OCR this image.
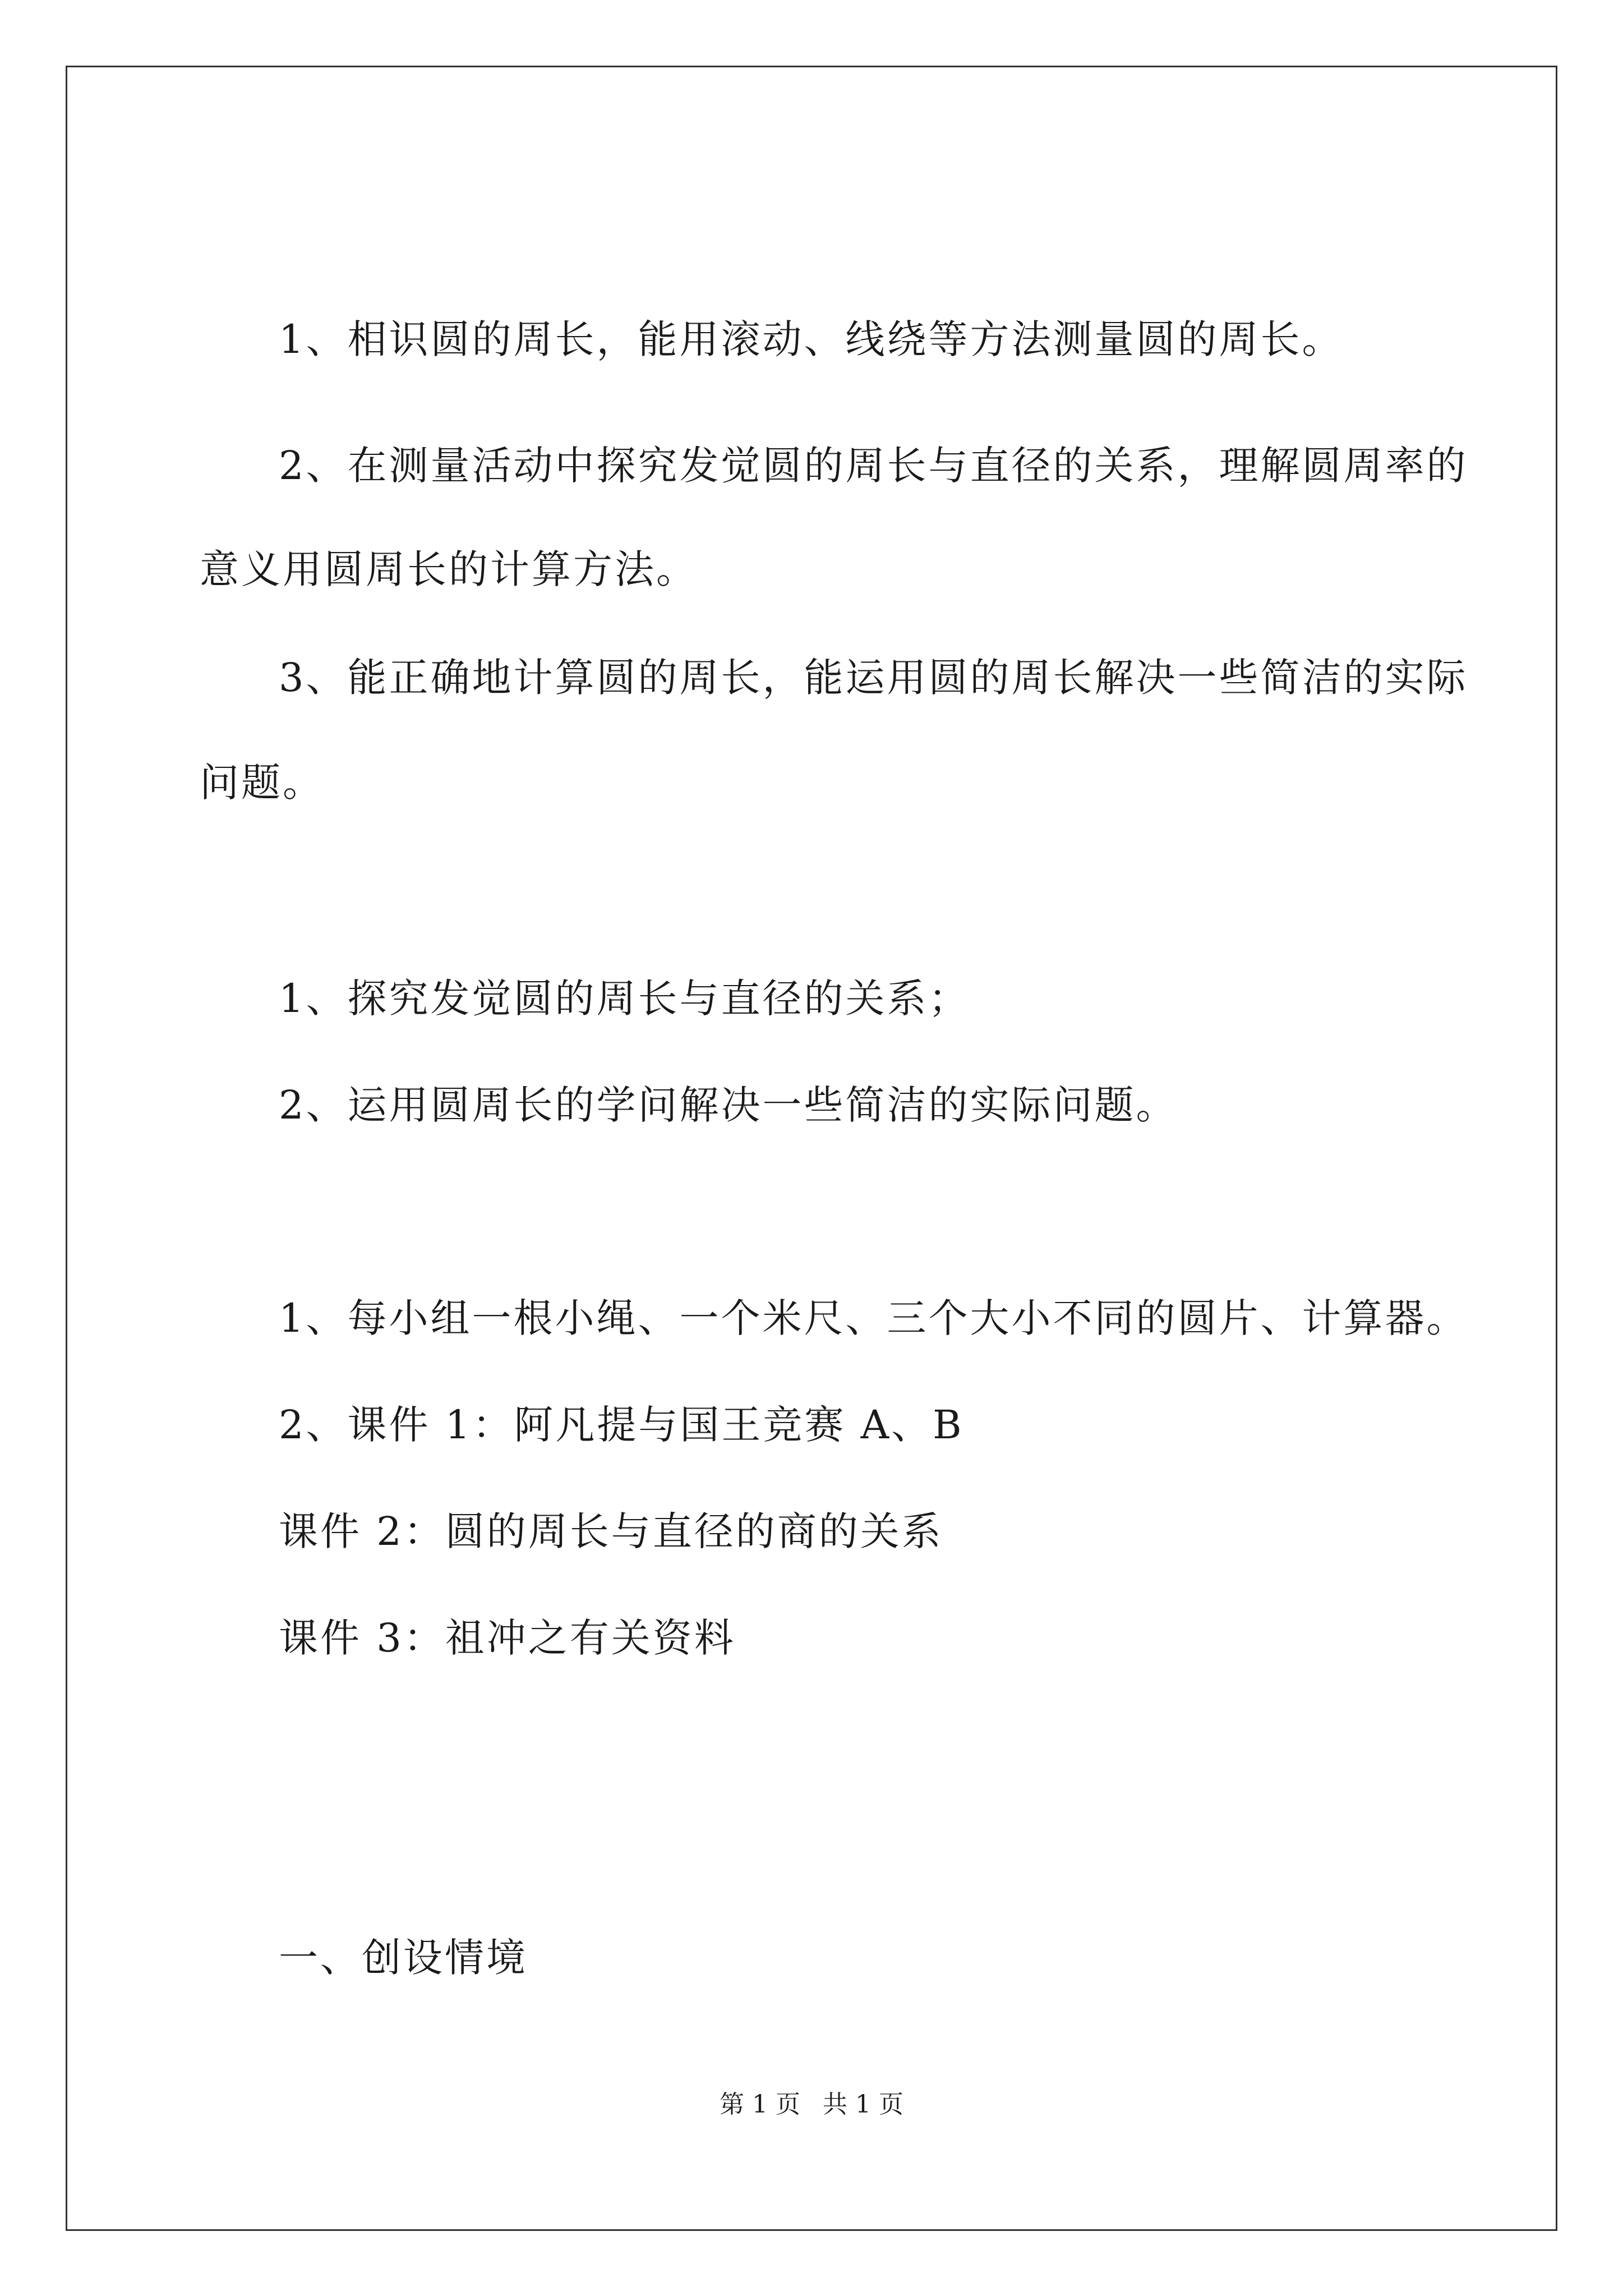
1、相识圆的周长，能用滚动、线绕等方法测量圆的周长。
2、在测量活动中探究发觉圆的周长与直径的关系，理解圆周率的
意义用圆周长的计算方法。
3、能正确地计算圆的周长，能运用圆的周长解决一些简洁的实际
问题。
1、探究发觉圆的周长与直径的关系；
2、运用圆周长的学问解决一些简洁的实际问题。
1、每小组一根小绳、一个米尺、三个大小不同的圆片、计算器。
2、课件 1：阿凡提与国王竞赛 A、B
课件 2：圆的周长与直径的商的关系
课件 3：祖冲之有关资料
一、创设情境
第 1 页 共 1 页
